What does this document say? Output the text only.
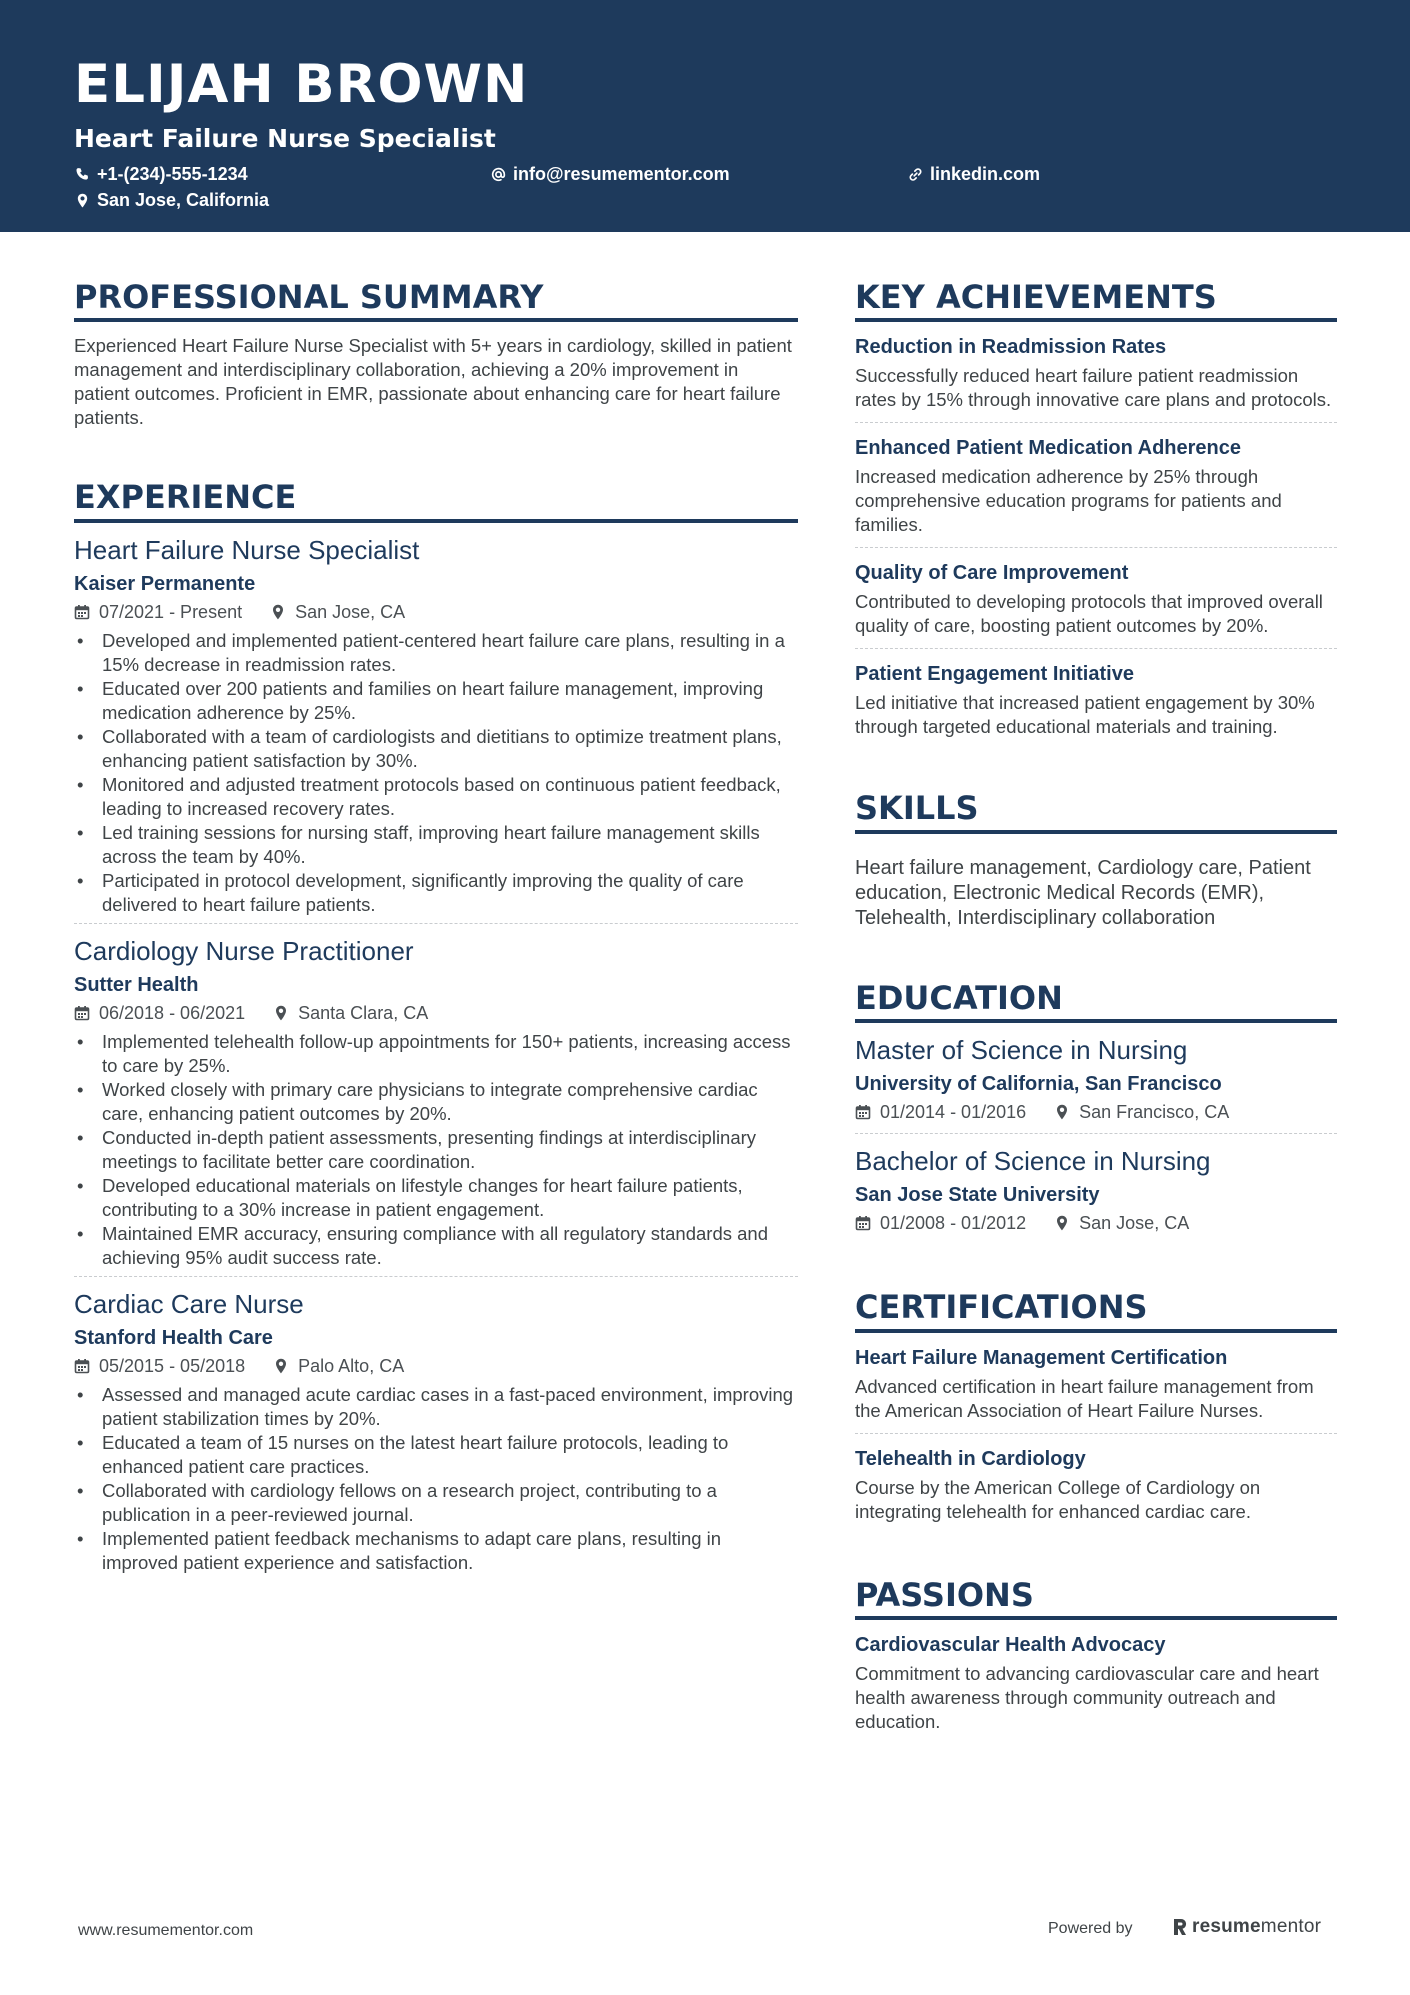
ELIJAH BROWN
Heart Failure Nurse Specialist
+1-(234)-555-1234	info@resumementor.com	linkedin.com
San Jose, California
PROFESSIONAL SUMMARY

Experienced Heart Failure Nurse Specialist with 5+ years in cardiology, skilled in patient management and interdisciplinary collaboration, achieving a 20% improvement in patient outcomes. Proficient in EMR, passionate about enhancing care for heart failure patients.

EXPERIENCE
Heart Failure Nurse Specialist
Kaiser Permanente
07/2021 - Present	San Jose, CA
• Developed and implemented patient-centered heart failure care plans, resulting in a 15% decrease in readmission rates.
• Educated over 200 patients and families on heart failure management, improving medication adherence by 25%.
• Collaborated with a team of cardiologists and dietitians to optimize treatment plans, enhancing patient satisfaction by 30%.
• Monitored and adjusted treatment protocols based on continuous patient feedback, leading to increased recovery rates.
• Led training sessions for nursing staff, improving heart failure management skills across the team by 40%.
• Participated in protocol development, significantly improving the quality of care delivered to heart failure patients.
Cardiology Nurse Practitioner
Sutter Health
06/2018 - 06/2021	Santa Clara, CA
• Implemented telehealth follow-up appointments for 150+ patients, increasing access to care by 25%.
• Worked closely with primary care physicians to integrate comprehensive cardiac care, enhancing patient outcomes by 20%.
• Conducted in-depth patient assessments, presenting findings at interdisciplinary meetings to facilitate better care coordination.
• Developed educational materials on lifestyle changes for heart failure patients, contributing to a 30% increase in patient engagement.
• Maintained EMR accuracy, ensuring compliance with all regulatory standards and achieving 95% audit success rate.
Cardiac Care Nurse
Stanford Health Care
05/2015 - 05/2018	Palo Alto, CA
• Assessed and managed acute cardiac cases in a fast-paced environment, improving patient stabilization times by 20%.
• Educated a team of 15 nurses on the latest heart failure protocols, leading to enhanced patient care practices.
• Collaborated with cardiology fellows on a research project, contributing to a publication in a peer-reviewed journal.
• Implemented patient feedback mechanisms to adapt care plans, resulting in improved patient experience and satisfaction.
KEY ACHIEVEMENTS
Reduction in Readmission Rates
Successfully reduced heart failure patient readmission rates by 15% through innovative care plans and protocols.
Enhanced Patient Medication Adherence
Increased medication adherence by 25% through comprehensive education programs for patients and families.
Quality of Care Improvement
Contributed to developing protocols that improved overall quality of care, boosting patient outcomes by 20%.
Patient Engagement Initiative
Led initiative that increased patient engagement by 30% through targeted educational materials and training.
SKILLS
Heart failure management, Cardiology care, Patient education, Electronic Medical Records (EMR), Telehealth, Interdisciplinary collaboration
EDUCATION
Master of Science in Nursing
University of California, San Francisco
01/2014 - 01/2016	San Francisco, CA
Bachelor of Science in Nursing
San Jose State University
01/2008 - 01/2012	San Jose, CA
CERTIFICATIONS
Heart Failure Management Certification
Advanced certification in heart failure management from the American Association of Heart Failure Nurses.
Telehealth in Cardiology
Course by the American College of Cardiology on integrating telehealth for enhanced cardiac care.
PASSIONS
Cardiovascular Health Advocacy
Commitment to advancing cardiovascular care and heart health awareness through community outreach and education.
www.resumementor.com	Powered by	resumementor
